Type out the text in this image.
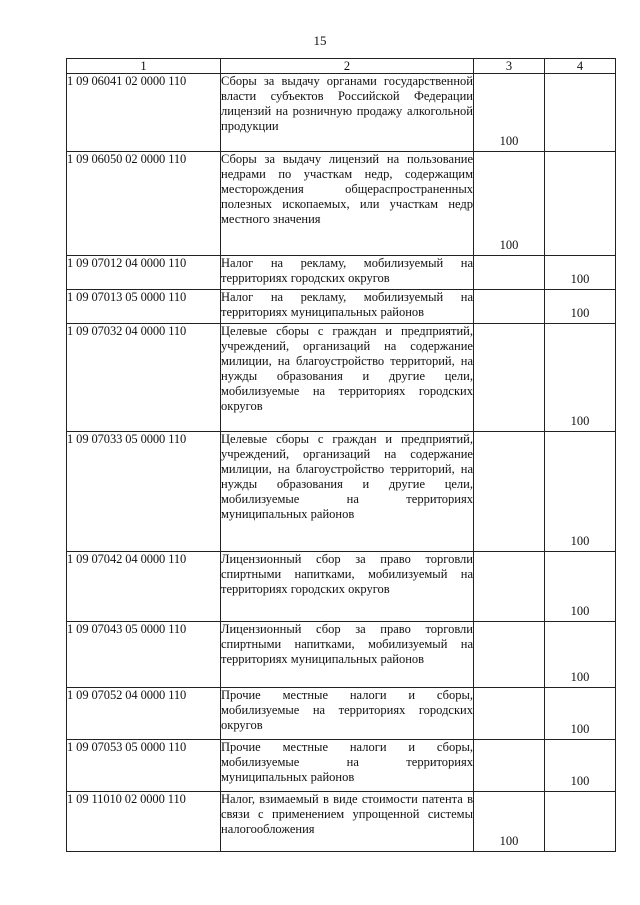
15
1	2	3	4
1 09 06041 02 0000 110	Сборы за выдачу органами государственной власти субъектов Российской Федерации лицензий на розничную продажу алкогольной продукции	100	

1 09 06050 02 0000 110	Сборы за выдачу лицензий на пользование недрами по участкам недр, содержащим месторождения общераспространенных полезных ископаемых, или участкам недр местного значения	100	

1 09 07012 04 0000 110	Налог на рекламу, мобилизуемый на территориях городских округов		100

1 09 07013 05 0000 110	Налог на рекламу, мобилизуемый на территориях муниципальных районов		100

1 09 07032 04 0000 110	Целевые сборы с граждан и предприятий, учреждений, организаций на содержание милиции, на благоустройство территорий, на нужды образования и другие цели, мобилизуемые на территориях городских округов		100

1 09 07033 05 0000 110	Целевые сборы с граждан и предприятий, учреждений, организаций на содержание милиции, на благоустройство территорий, на нужды образования и другие цели, мобилизуемые на территориях муниципальных районов		100

1 09 07042 04 0000 110	Лицензионный сбор за право торговли спиртными напитками, мобилизуемый на территориях городских округов		100

1 09 07043 05 0000 110	Лицензионный сбор за право торговли спиртными напитками, мобилизуемый на территориях муниципальных районов		100

1 09 07052 04 0000 110	Прочие местные налоги и сборы, мобилизуемые на территориях городских округов		100

1 09 07053 05 0000 110	Прочие местные налоги и сборы, мобилизуемые на территориях муниципальных районов		100

1 09 11010 02 0000 110	Налог, взимаемый в виде стоимости патента в связи с применением упрощенной системы налогообложения	100	
